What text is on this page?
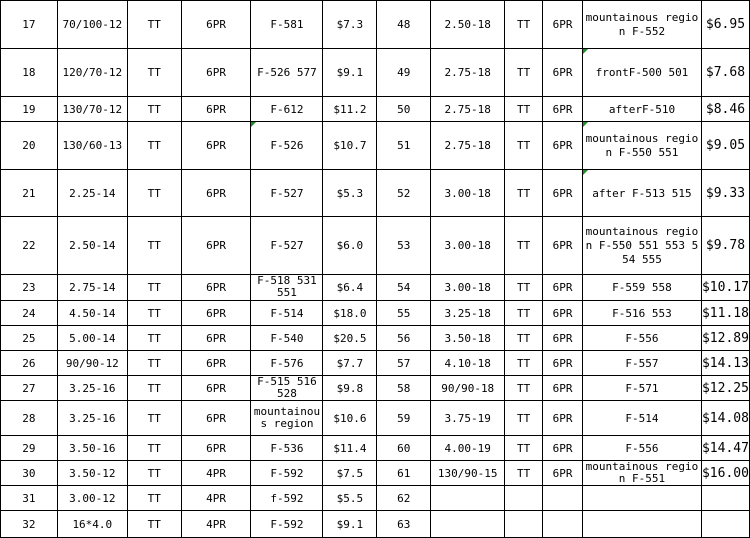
17	70/100-12	TT	6PR	F-581	$7.3	48	2.50-18	TT	6PR	mountainous region F-552	$6.95
18	120/70-12	TT	6PR	F-526 577	$9.1	49	2.75-18	TT	6PR	frontF-500 501	$7.68
19	130/70-12	TT	6PR	F-612	$11.2	50	2.75-18	TT	6PR	afterF-510	$8.46
20	130/60-13	TT	6PR	F-526	$10.7	51	2.75-18	TT	6PR	mountainous region F-550 551	$9.05
21	2.25-14	TT	6PR	F-527	$5.3	52	3.00-18	TT	6PR	after F-513 515	$9.33
22	2.50-14	TT	6PR	F-527	$6.0	53	3.00-18	TT	6PR	mountainous region F-550 551 553 554 555	$9.78
23	2.75-14	TT	6PR	F-518 531 551	$6.4	54	3.00-18	TT	6PR	F-559 558	$10.17
24	4.50-14	TT	6PR	F-514	$18.0	55	3.25-18	TT	6PR	F-516 553	$11.18
25	5.00-14	TT	6PR	F-540	$20.5	56	3.50-18	TT	6PR	F-556	$12.89
26	90/90-12	TT	6PR	F-576	$7.7	57	4.10-18	TT	6PR	F-557	$14.13
27	3.25-16	TT	6PR	F-515 516 528	$9.8	58	90/90-18	TT	6PR	F-571	$12.25
28	3.25-16	TT	6PR	mountainous region	$10.6	59	3.75-19	TT	6PR	F-514	$14.08
29	3.50-16	TT	6PR	F-536	$11.4	60	4.00-19	TT	6PR	F-556	$14.47
30	3.50-12	TT	4PR	F-592	$7.5	61	130/90-15	TT	6PR	mountainous region F-551	$16.00
31	3.00-12	TT	4PR	f-592	$5.5	62					
32	16*4.0	TT	4PR	F-592	$9.1	63					
